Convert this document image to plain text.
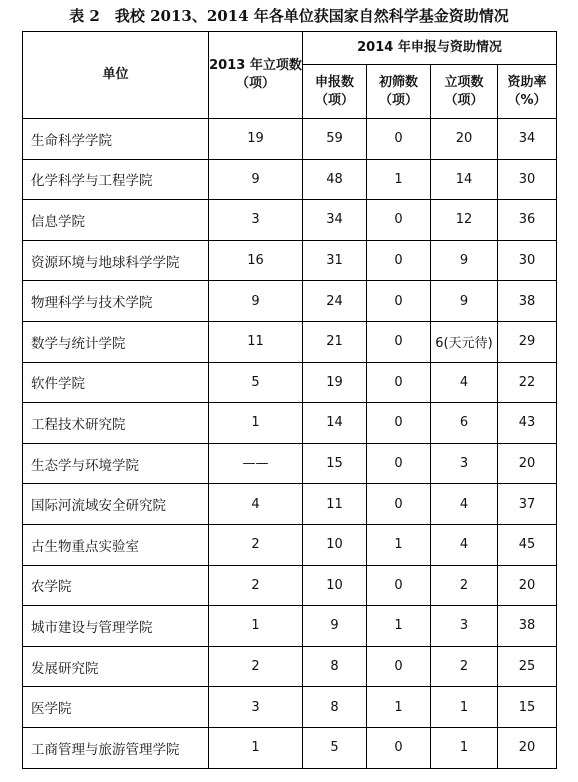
表 2　我校 2013、2014 年各单位获国家自然科学基金资助情况
单位	2013 年立项数（项）	2014 年申报与资助情况			
		申报数（项）	初筛数（项）	立项数（项）	资助率（%）
生命科学学院	19	59	0	20	34
化学科学与工程学院	9	48	1	14	30
信息学院	3	34	0	12	36
资源环境与地球科学学院	16	31	0	9	30
物理科学与技术学院	9	24	0	9	38
数学与统计学院	11	21	0	6(天元待)	29
软件学院	5	19	0	4	22
工程技术研究院	1	14	0	6	43
生态学与环境学院	——	15	0	3	20
国际河流域安全研究院	4	11	0	4	37
古生物重点实验室	2	10	1	4	45
农学院	2	10	0	2	20
城市建设与管理学院	1	9	1	3	38
发展研究院	2	8	0	2	25
医学院	3	8	1	1	15
工商管理与旅游管理学院	1	5	0	1	20
